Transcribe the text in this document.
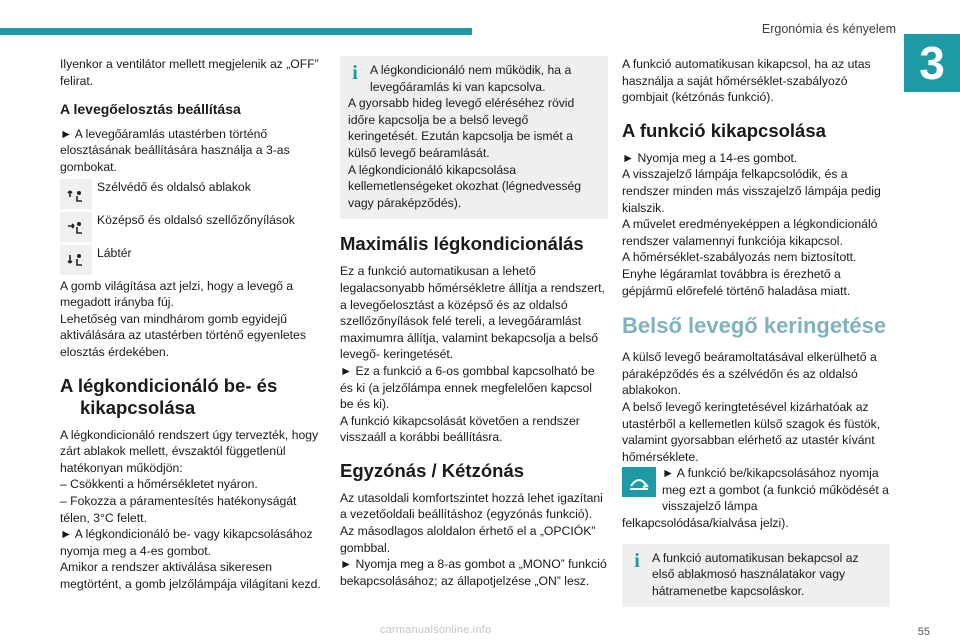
Ergonómia és kényelem
3

Ilyenkor a ventilátor mellett megjelenik az „OFF” felirat.

A levegőelosztás beállítása

► A levegőáramlás utastérben történő elosztásának beállítására használja a 3-as gombokat.

Szélvédő és oldalsó ablakok
Középső és oldalsó szellőzőnyílások
Lábtér

A gomb világítása azt jelzi, hogy a levegő a megadott irányba fúj.

Lehetőség van mindhárom gomb egyidejű aktiválására az utastérben történő egyenletes elosztás érdekében.

A légkondicionáló be- és kikapcsolása

A légkondicionáló rendszert úgy tervezték, hogy zárt ablakok mellett, évszaktól függetlenül hatékonyan működjön:

– Csökkenti a hőmérsékletet nyáron.

– Fokozza a páramentesítés hatékonyságát télen, 3°C felett.

► A légkondicionáló be- vagy kikapcsolásához nyomja meg a 4-es gombot.

Amikor a rendszer aktiválása sikeresen megtörtént, a gomb jelzőlámpája világítani kezd.

i	A légkondicionáló nem működik, ha a levegőáramlás ki van kapcsolva.

A gyorsabb hideg levegő eléréséhez rövid időre kapcsolja be a belső levegő keringetését. Ezután kapcsolja be ismét a külső levegő beáramlását.

A légkondicionáló kikapcsolása kellemetlenségeket okozhat (légnedvesség vagy páraképződés).

Maximális légkondicionálás

Ez a funkció automatikusan a lehető legalacsonyabb hőmérsékletre állítja a rendszert, a levegőelosztást a középső és az oldalsó szellőzőnyílások felé tereli, a levegőáramlást maximumra állítja, valamint bekapcsolja a belső levegő- keringetését.

► Ez a funkció a 6-os gombbal kapcsolható be és ki (a jelzőlámpa ennek megfelelően kapcsol be és ki).

A funkció kikapcsolását követően a rendszer visszaáll a korábbi beállításra.

Egyzónás / Kétzónás

Az utasoldali komfortszintet hozzá lehet igazítani a vezetőoldali beállításhoz (egyzónás funkció).

Az másodlagos aloldalon érhető el a „OPCIÓK” gombbal.

► Nyomja meg a 8-as gombot a „MONO” funkció bekapcsolásához; az állapotjelzése „ON” lesz.

A funkció automatikusan kikapcsol, ha az utas használja a saját hőmérséklet-szabályozó gombjait (kétzónás funkció).

A funkció kikapcsolása

► Nyomja meg a 14-es gombot.

A visszajelző lámpája felkapcsolódik, és a rendszer minden más visszajelző lámpája pedig kialszik.

A művelet eredményeképpen a légkondicionáló rendszer valamennyi funkciója kikapcsol.

A hőmérséklet-szabályozás nem biztosított.

Enyhe légáramlat továbbra is érezhető a gépjármű előrefelé történő haladása miatt.

Belső levegő keringetése

A külső levegő beáramoltatásával elkerülhető a páraképződés és a szélvédőn és az oldalsó ablakokon.

A belső levegő keringtetésével kizárhatóak az utastérből a kellemetlen külső szagok és füstök, valamint gyorsabban elérhető az utastér kívánt hőmérséklete.

► A funkció be/kikapcsolásához nyomja meg ezt a gombot (a funkció működését a visszajelző lámpa felkapcsolódása/kialvása jelzi).

i	A funkció automatikusan bekapcsol az első ablakmosó használatakor vagy hátramenetbe kapcsoláskor.

carmanualsonline.info	55
